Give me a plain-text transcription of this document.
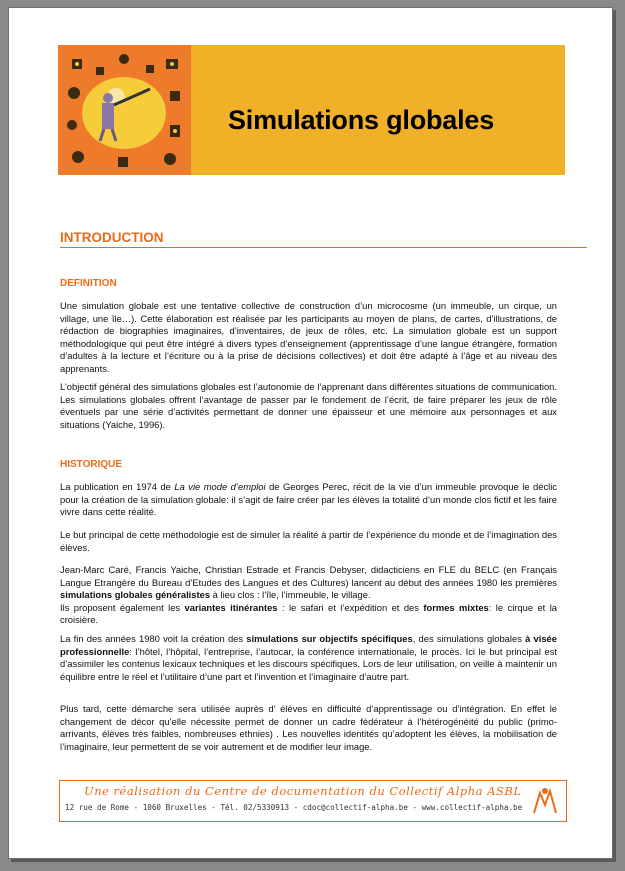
Simulations globales
INTRODUCTION
DEFINITION
Une simulation globale est une tentative collective de construction d’un microcosme (un immeuble, un cirque, un village, une île…). Cette élaboration est réalisée par les participants au moyen de plans, de cartes, d’illustrations, de rédaction de biographies imaginaires, d’inventaires, de jeux de rôles, etc. La simulation globale est un support méthodologique qui peut être intégré à divers types d’enseignement (apprentissage d’une langue étrangère, formation d’adultes à la lecture et l’écriture ou à la prise de décisions collectives) et doit être adapté à l’âge et au niveau des apprenants.
L’objectif général des simulations globales est l’autonomie de l’apprenant dans différentes situations de communication. Les simulations globales offrent l’avantage de passer par le fondement de l’écrit, de faire préparer les jeux de rôle éventuels par une série d’activités permettant de donner une épaisseur et une mémoire aux personnages et aux situations (Yaiche, 1996).
HISTORIQUE
La publication en 1974 de La vie mode d’emploi de Georges Perec, récit de la vie d’un immeuble provoque le déclic pour la création de la simulation globale: il s’agit de faire créer par les élèves la totalité d’un monde clos fictif et les faire vivre dans cette réalité.
Le but principal de cette méthodologie est de simuler la réalité à partir de l’expérience du monde et de l’imagination des élèves.
Jean-Marc Caré, Francis Yaiche, Christian Estrade et Francis Debyser, didacticiens en FLE du BELC (en Français Langue Etrangère du Bureau d’Etudes des Langues et des Cultures) lancent au début des années 1980 les premières simulations globales généralistes à lieu clos : l’île, l’immeuble, le village.
Ils proposent également les variantes itinérantes : le safari et l’expédition et des formes mixtes: le cirque et la croisière.
La fin des années 1980 voit la création des simulations sur objectifs spécifiques, des simulations globales à visée professionnelle: l’hôtel, l’hôpital, l’entreprise, l’autocar, la conférence internationale, le procès. Ici le but principal est d’assimiler les contenus lexicaux techniques et les discours spécifiques. Lors de leur utilisation, on veille à maintenir un équilibre entre le réel et l’utilitaire d’une part et l’invention et l’imaginaire d’autre part.
Plus tard, cette démarche sera utilisée auprès d’ élèves en difficulté d’apprentissage ou d’intégration. En effet le changement de décor qu’elle nécessite permet de donner un cadre fédérateur à l’hétérogénéité du public (primo-arrivants, élèves très faibles, nombreuses ethnies) . Les nouvelles identités qu’adoptent les élèves, la mobilisation de l’imaginaire, leur permettent de se voir autrement et de modifier leur image.
Une réalisation du Centre de documentation du Collectif Alpha ASBL
12 rue de Rome - 1060 Bruxelles - Tél. 02/5330913 - cdoc@collectif-alpha.be - www.collectif-alpha.be
